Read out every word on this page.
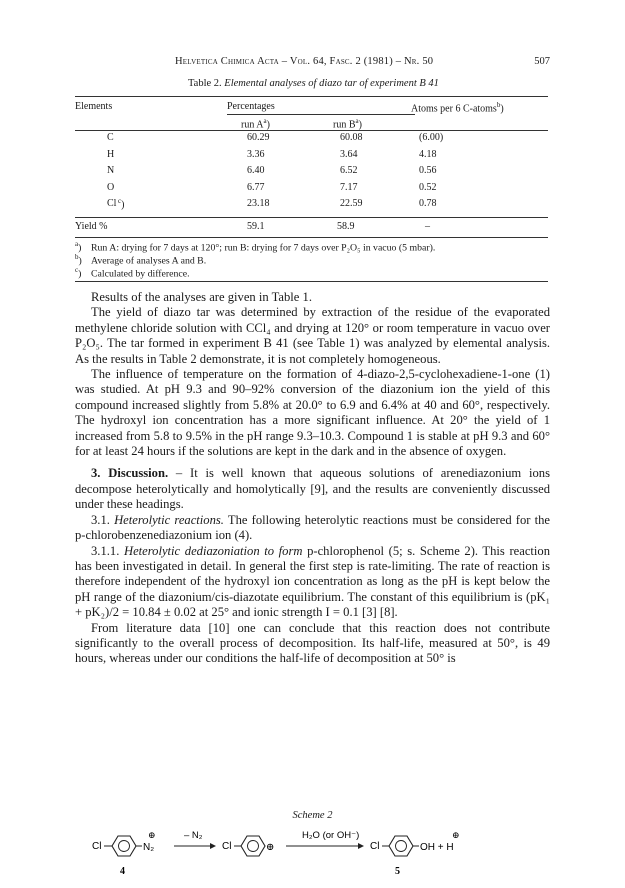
Helvetica Chimica Acta – Vol. 64, Fasc. 2 (1981) – Nr. 50	507
Table 2. Elemental analyses of diazo tar of experiment B 41
Elements	Percentages	Atoms per 6 C-atoms$^b$)
run $A^a$)	run $B^a$)
C	60.29	60.08	(6.00)
H	3.36	3.64	4.18
N	6.40	6.52	0.56
O	6.77	7.17	0.52
Cl $^c$)	23.18	22.59	0.78
Yield %	59.1	58.9	–
$^a$) Run A: drying for 7 days at 120°; run B: drying for 7 days over P₂O₅ in vacuo (5 mbar).
$^b$) Average of analyses A and B.
$^c$) Calculated by difference.

Results of the analyses are given in Table 1.

The yield of diazo tar was determined by extraction of the residue of the evaporated methylene chloride solution with CCl₄ and drying at 120° or room temperature in vacuo over P₂O₅. The tar formed in experiment B 41 (see Table 1) was analyzed by elemental analysis. As the results in Table 2 demonstrate, it is not completely homogeneous.

The influence of temperature on the formation of 4-diazo-2,5-cyclohexadiene-1-one (1) was studied. At pH 9.3 and 90–92% conversion of the diazonium ion the yield of this compound increased slightly from 5.8% at 20.0° to 6.9 and 6.4% at 40 and 60°, respectively. The hydroxyl ion concentration has a more significant influence. At 20° the yield of 1 increased from 5.8 to 9.5% in the pH range 9.3–10.3. Compound 1 is stable at pH 9.3 and 60° for at least 24 hours if the solutions are kept in the dark and in the absence of oxygen.

3. Discussion. – It is well known that aqueous solutions of arenediazonium ions decompose heterolytically and homolytically [9], and the results are conveniently discussed under these headings.

3.1. Heterolytic reactions. The following heterolytic reactions must be considered for the p-chlorobenzenediazonium ion (4).

3.1.1. Heterolytic dediazoniation to form p-chlorophenol (5; s. Scheme 2). This reaction has been investigated in detail. In general the first step is rate-limiting. The rate of reaction is therefore independent of the hydroxyl ion concentration as long as the pH is kept below the pH range of the diazonium/cis-diazotate equilibrium. The constant of this equilibrium is (pK₁ + pK₂)/2 = 10.84 ± 0.02 at 25° and ionic strength I = 0.1 [3] [8].

From literature data [10] one can conclude that this reaction does not contribute significantly to the overall process of decomposition. Its half-life, measured at 50°, is 49 hours, whereas under our conditions the half-life of decomposition at 50° is

Scheme 2
Cl	N₂
⊕
4
– N₂
Cl	⊕
H₂O (or OH⁻)
Cl	OH + H
⊕
5
